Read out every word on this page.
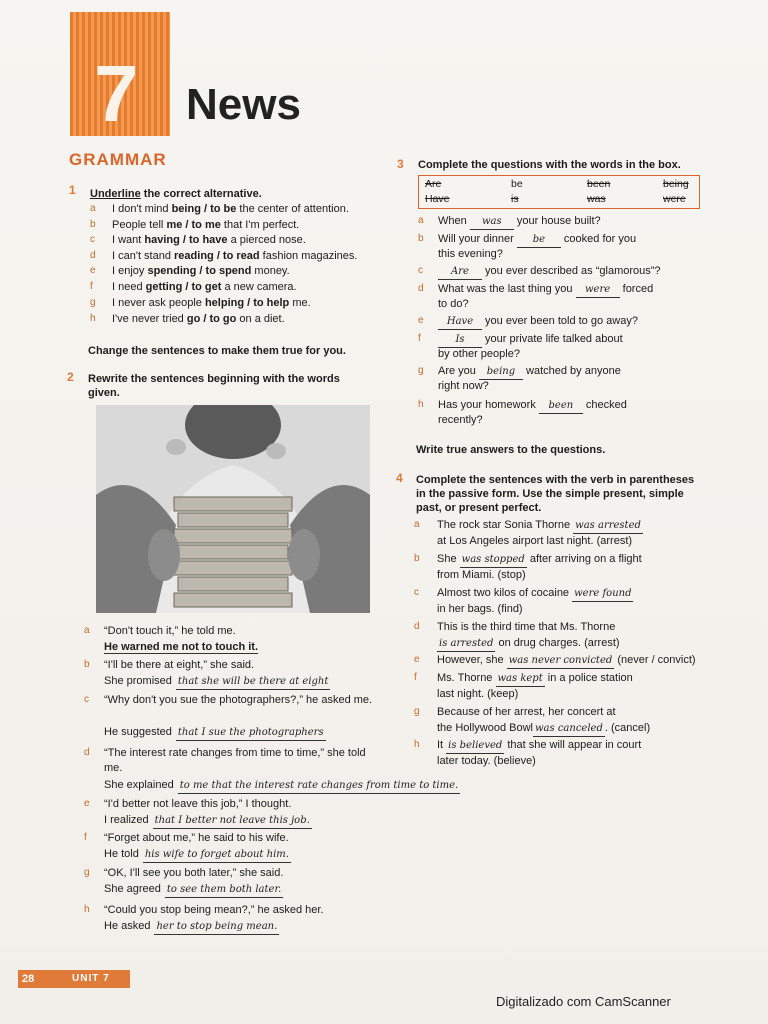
7 News
GRAMMAR
1 Underline the correct alternative.
a I don't mind being / to be the center of attention.
b People tell me / to me that I'm perfect.
c I want having / to have a pierced nose.
d I can't stand reading / to read fashion magazines.
e I enjoy spending / to spend money.
f I need getting / to get a new camera.
g I never ask people helping / to help me.
h I've never tried go / to go on a diet.
Change the sentences to make them true for you.
2 Rewrite the sentences beginning with the words given.
a “Don't touch it,” he told me.
He warned me not to touch it.
b “I'll be there at eight,” she said.
She promised that she will be there at eight
c “Why don't you sue the photographers?,” he asked me.
He suggested that I sue the photographers
d “The interest rate changes from time to time,” she told me.
She explained to me that the interest rate changes from time to time.
e “I'd better not leave this job,” I thought.
I realized that I better not leave this job.
f “Forget about me,” he said to his wife.
He told his wife to forget about him.
g “OK, I'll see you both later,” she said.
She agreed to see them both later.
h “Could you stop being mean?,” he asked her.
He asked her to stop being mean.
3 Complete the questions with the words in the box.
Are	be	been	being
Have	is	was	were
a When was your house built?
b Will your dinner be cooked for you
this evening?
c	Are you ever described as “glamorous”?
d What was the last thing you were forced
to do?
e	Have you ever been told to go away?
f	Is your private life talked about
by other people?
g Are you being watched by anyone
right now?
h Has your homework been checked
recently?
Write true answers to the questions.
4 Complete the sentences with the verb in parentheses in the passive form. Use the simple present, simple past, or present perfect.
a The rock star Sonia Thorne was arrested
at Los Angeles airport last night. (arrest)
b She was stopped after arriving on a flight
from Miami. (stop)
c Almost two kilos of cocaine were found
in her bags. (find)
d This is the third time that Ms. Thorne
is arrested on drug charges. (arrest)
e However, she was never convicted (never / convict)
f Ms. Thorne was kept in a police station
last night. (keep)
g Because of her arrest, her concert at
the Hollywood Bowl was canceled . (cancel)
h It is believed that she will appear in court
later today. (believe)
28	UNIT 7
Digitalizado com CamScanner
